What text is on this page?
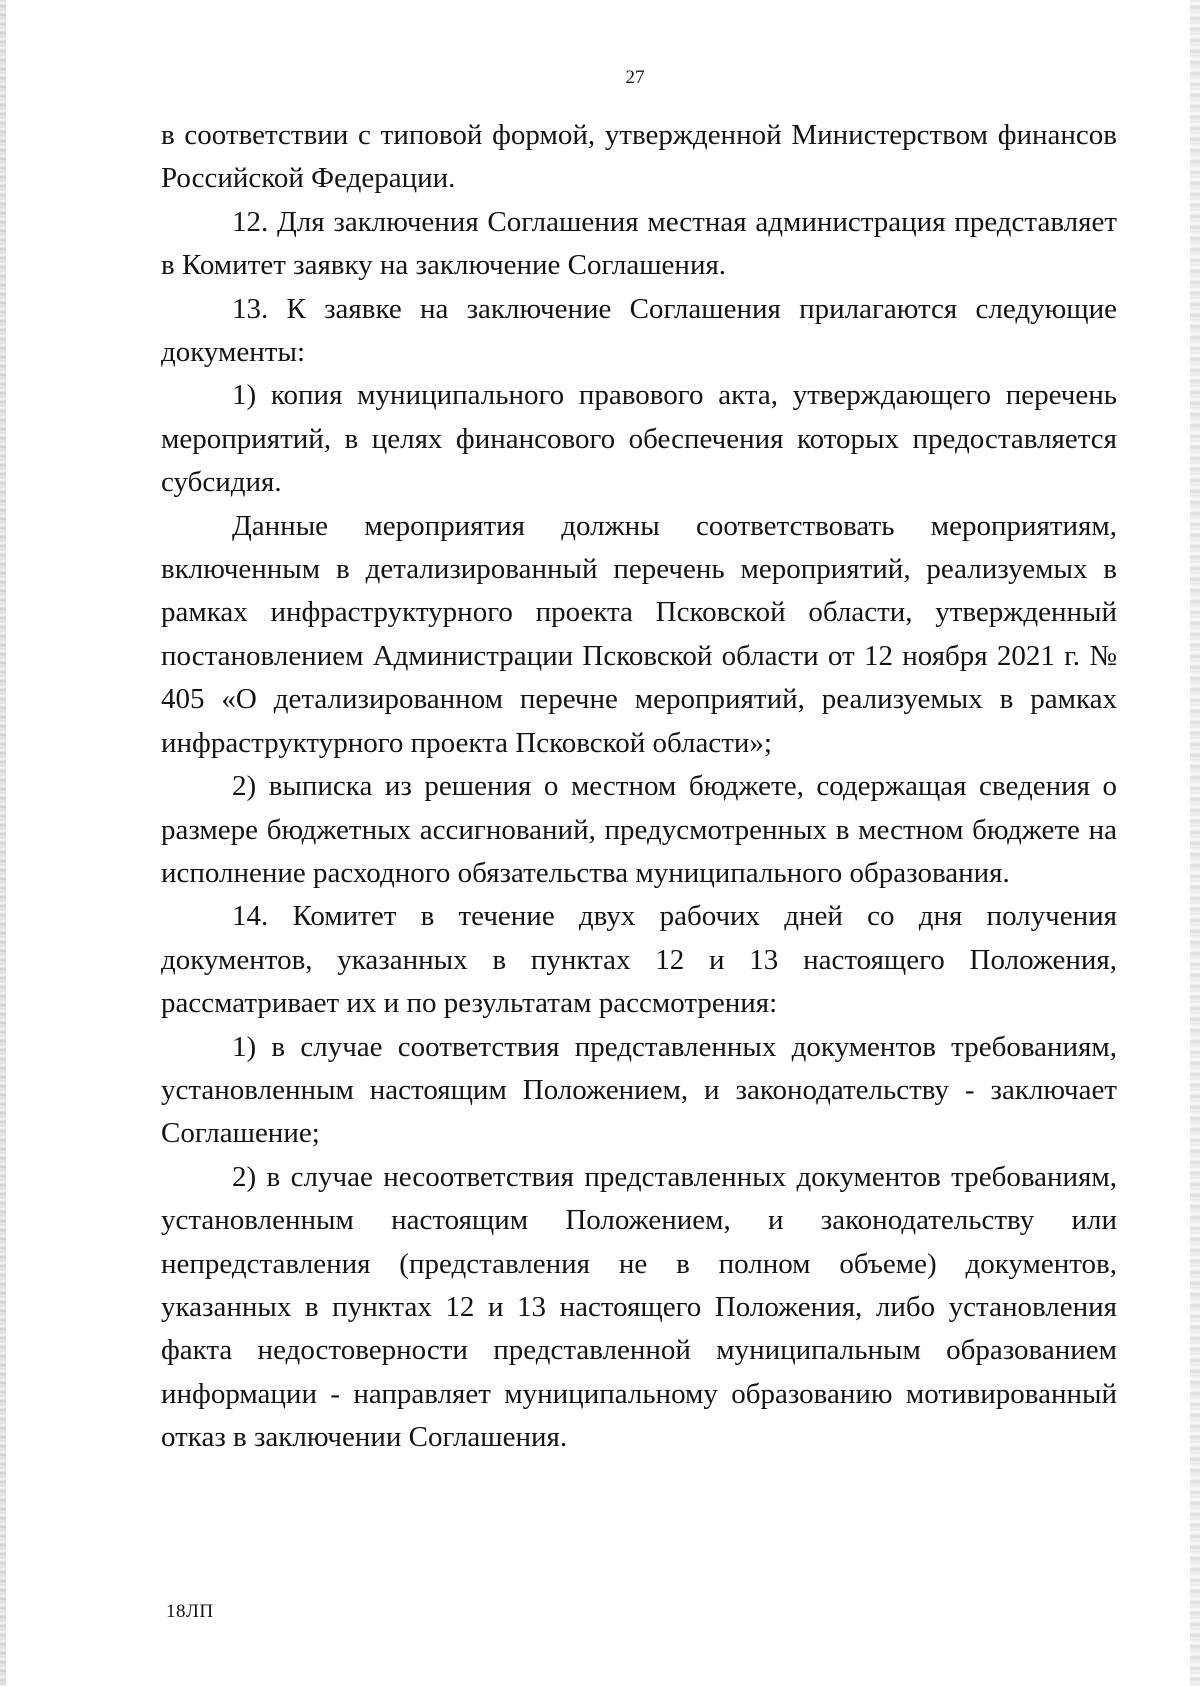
27

в соответствии с типовой формой, утвержденной Министерством финансов Российской Федерации.

12. Для заключения Соглашения местная администрация представляет в Комитет заявку на заключение Соглашения.

13. К заявке на заключение Соглашения прилагаются следующие документы:

1) копия муниципального правового акта, утверждающего перечень мероприятий, в целях финансового обеспечения которых предоставляется субсидия.

Данные мероприятия должны соответствовать мероприятиям, включенным в детализированный перечень мероприятий, реализуемых в рамках инфраструктурного проекта Псковской области, утвержденный постановлением Администрации Псковской области от 12 ноября 2021 г. № 405 «О детализированном перечне мероприятий, реализуемых в рамках инфраструктурного проекта Псковской области»;

2) выписка из решения о местном бюджете, содержащая сведения о размере бюджетных ассигнований, предусмотренных в местном бюджете на исполнение расходного обязательства муниципального образования.

14. Комитет в течение двух рабочих дней со дня получения документов, указанных в пунктах 12 и 13 настоящего Положения, рассматривает их и по результатам рассмотрения:

1) в случае соответствия представленных документов требованиям, установленным настоящим Положением, и законодательству - заключает Соглашение;

2) в случае несоответствия представленных документов требованиям, установленным настоящим Положением, и законодательству или непредставления (представления не в полном объеме) документов, указанных в пунктах 12 и 13 настоящего Положения, либо установления факта недостоверности представленной муниципальным образованием информации - направляет муниципальному образованию мотивированный отказ в заключении Соглашения.

18ЛП
